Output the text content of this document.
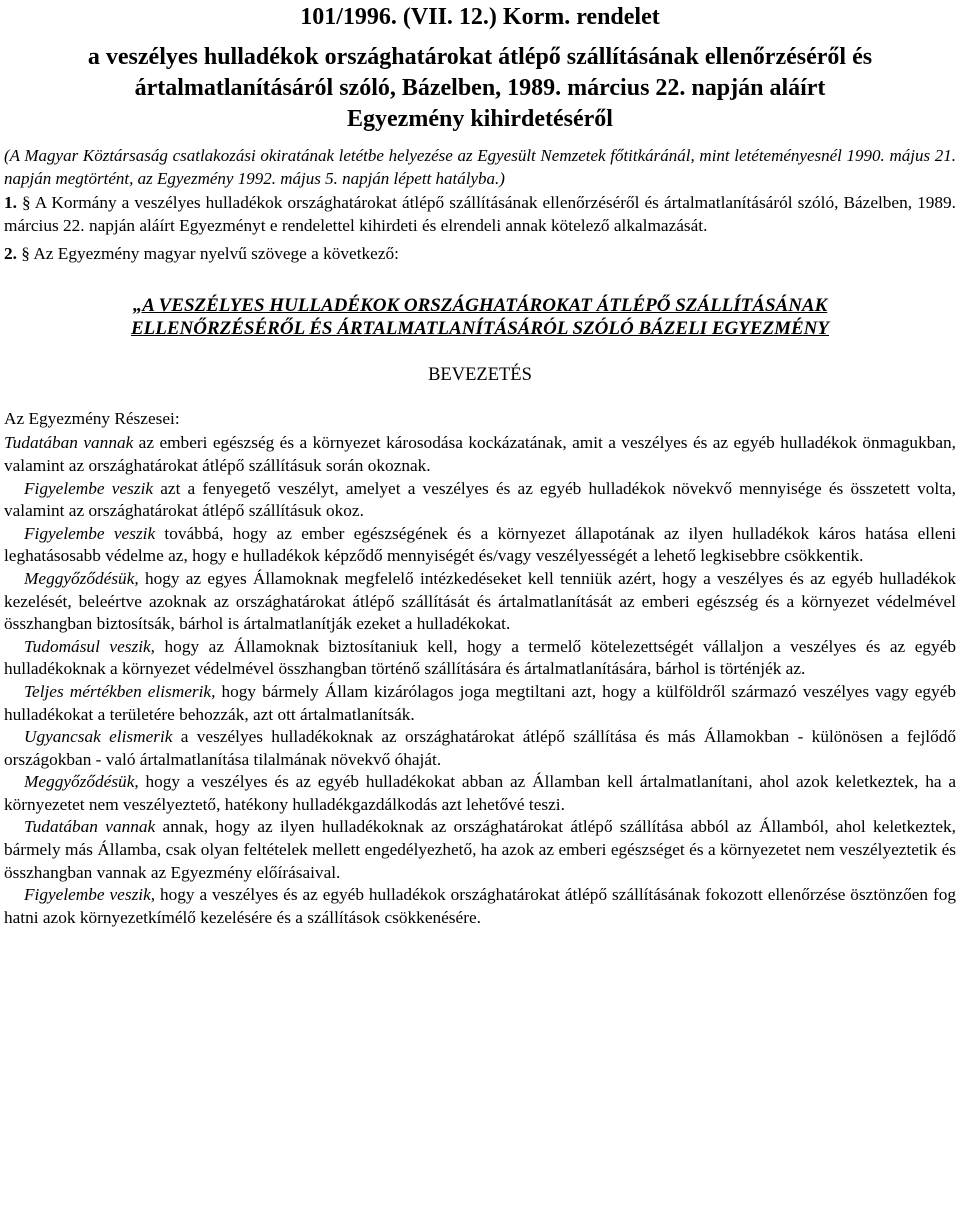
101/1996. (VII. 12.) Korm. rendelet
a veszélyes hulladékok országhatárokat átlépő szállításának ellenőrzéséről és
ártalmatlanításáról szóló, Bázelben, 1989. március 22. napján aláírt
Egyezmény kihirdetéséről

(A Magyar Köztársaság csatlakozási okiratának letétbe helyezése az Egyesült Nemzetek főtitkáránál, mint letéteményesnél 1990. május 21. napján megtörtént, az Egyezmény 1992. május 5. napján lépett hatályba.)

1. § A Kormány a veszélyes hulladékok országhatárokat átlépő szállításának ellenőrzéséről és ártalmatlanításáról szóló, Bázelben, 1989. március 22. napján aláírt Egyezményt e rendelettel kihirdeti és elrendeli annak kötelező alkalmazását.

2. § Az Egyezmény magyar nyelvű szövege a következő:

„A VESZÉLYES HULLADÉKOK ORSZÁGHATÁROKAT ÁTLÉPŐ SZÁLLÍTÁSÁNAK
ELLENŐRZÉSÉRŐL ÉS ÁRTALMATLANÍTÁSÁRÓL SZÓLÓ BÁZELI EGYEZMÉNY
BEVEZETÉS

Az Egyezmény Részesei:

Tudatában vannak az emberi egészség és a környezet károsodása kockázatának, amit a veszélyes és az egyéb hulladékok önmagukban, valamint az országhatárokat átlépő szállításuk során okoznak.

Figyelembe veszik azt a fenyegető veszélyt, amelyet a veszélyes és az egyéb hulladékok növekvő mennyisége és összetett volta, valamint az országhatárokat átlépő szállításuk okoz.

Figyelembe veszik továbbá, hogy az ember egészségének és a környezet állapotának az ilyen hulladékok káros hatása elleni leghatásosabb védelme az, hogy e hulladékok képződő mennyiségét és/vagy veszélyességét a lehető legkisebbre csökkentik.

Meggyőződésük, hogy az egyes Államoknak megfelelő intézkedéseket kell tenniük azért, hogy a veszélyes és az egyéb hulladékok kezelését, beleértve azoknak az országhatárokat átlépő szállítását és ártalmatlanítását az emberi egészség és a környezet védelmével összhangban biztosítsák, bárhol is ártalmatlanítják ezeket a hulladékokat.

Tudomásul veszik, hogy az Államoknak biztosítaniuk kell, hogy a termelő kötelezettségét vállaljon a veszélyes és az egyéb hulladékoknak a környezet védelmével összhangban történő szállítására és ártalmatlanítására, bárhol is történjék az.

Teljes mértékben elismerik, hogy bármely Állam kizárólagos joga megtiltani azt, hogy a külföldről származó veszélyes vagy egyéb hulladékokat a területére behozzák, azt ott ártalmatlanítsák.

Ugyancsak elismerik a veszélyes hulladékoknak az országhatárokat átlépő szállítása és más Államokban - különösen a fejlődő országokban - való ártalmatlanítása tilalmának növekvő óhaját.

Meggyőződésük, hogy a veszélyes és az egyéb hulladékokat abban az Államban kell ártalmatlanítani, ahol azok keletkeztek, ha a környezetet nem veszélyeztető, hatékony hulladékgazdálkodás azt lehetővé teszi.

Tudatában vannak annak, hogy az ilyen hulladékoknak az országhatárokat átlépő szállítása abból az Államból, ahol keletkeztek, bármely más Államba, csak olyan feltételek mellett engedélyezhető, ha azok az emberi egészséget és a környezetet nem veszélyeztetik és összhangban vannak az Egyezmény előírásaival.

Figyelembe veszik, hogy a veszélyes és az egyéb hulladékok országhatárokat átlépő szállításának fokozott ellenőrzése ösztönzően fog hatni azok környezetkímélő kezelésére és a szállítások csökkenésére.
